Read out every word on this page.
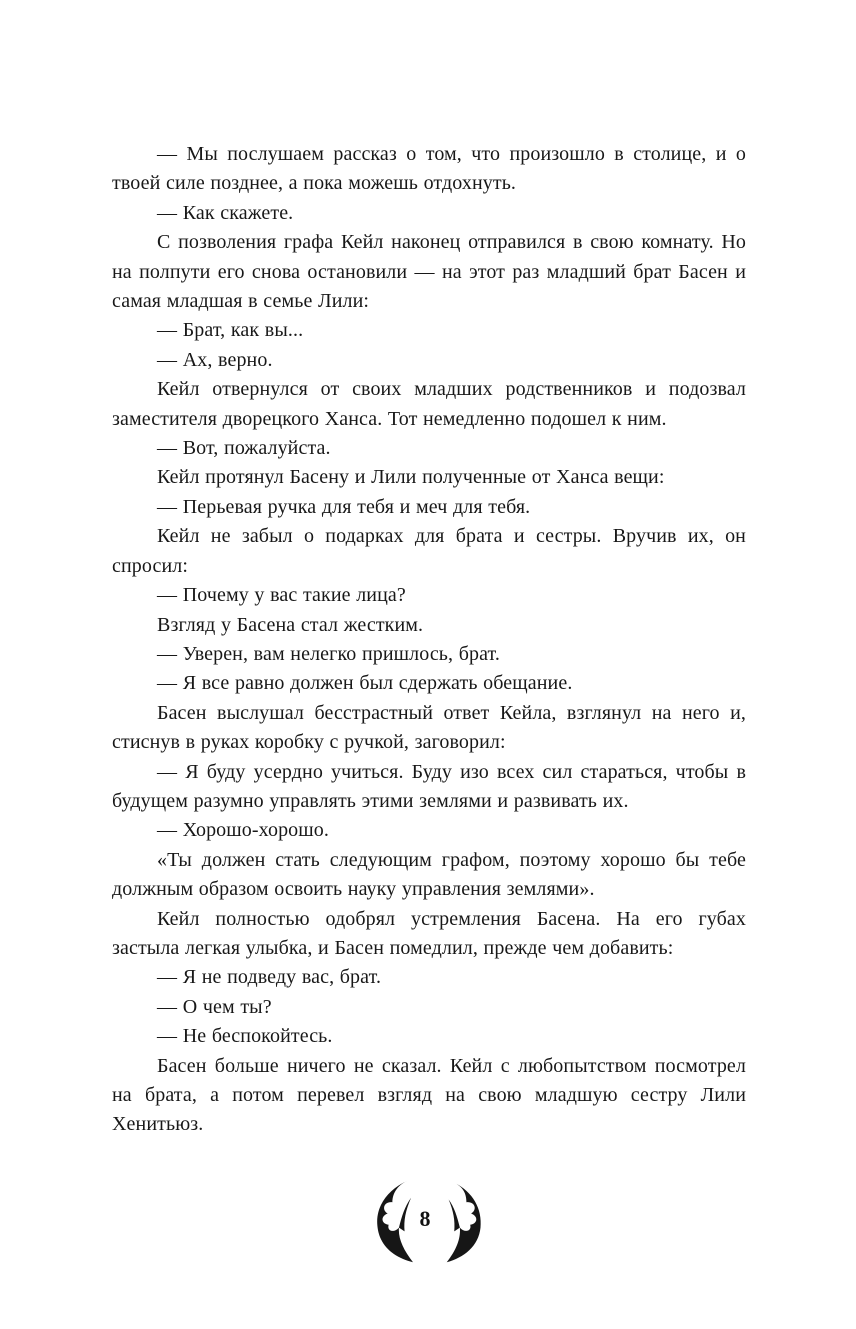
— Мы послушаем рассказ о том, что произошло в столице, и о твоей силе позднее, а пока можешь отдохнуть.

— Как скажете.

С позволения графа Кейл наконец отправился в свою комнату. Но на полпути его снова остановили — на этот раз младший брат Басен и самая младшая в семье Лили:

— Брат, как вы...

— Ах, верно.

Кейл отвернулся от своих младших родственников и подозвал заместителя дворецкого Ханса. Тот немедленно подошел к ним.

— Вот, пожалуйста.

Кейл протянул Басену и Лили полученные от Ханса вещи:

— Перьевая ручка для тебя и меч для тебя.

Кейл не забыл о подарках для брата и сестры. Вручив их, он спросил:

— Почему у вас такие лица?

Взгляд у Басена стал жестким.

— Уверен, вам нелегко пришлось, брат.

— Я все равно должен был сдержать обещание.

Басен выслушал бесстрастный ответ Кейла, взглянул на него и, стиснув в руках коробку с ручкой, заговорил:

— Я буду усердно учиться. Буду изо всех сил стараться, чтобы в будущем разумно управлять этими землями и развивать их.

— Хорошо-хорошо.

«Ты должен стать следующим графом, поэтому хорошо бы тебе должным образом освоить науку управления землями».

Кейл полностью одобрял устремления Басена. На его губах застыла легкая улыбка, и Басен помедлил, прежде чем добавить:

— Я не подведу вас, брат.

— О чем ты?

— Не беспокойтесь.

Басен больше ничего не сказал. Кейл с любопытством посмотрел на брата, а потом перевел взгляд на свою младшую сестру Лили Хенитьюз.

8
